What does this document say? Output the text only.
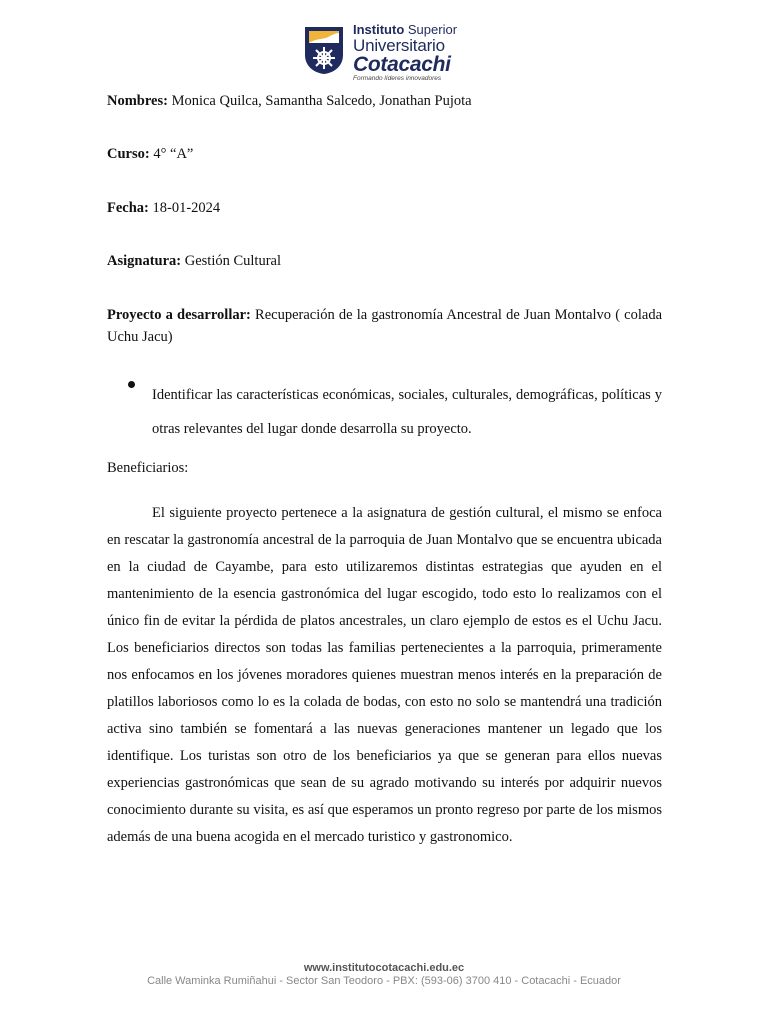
Instituto Superior
Universitario
Cotacachi
Formando líderes innovadores
Nombres: Monica Quilca, Samantha Salcedo, Jonathan Pujota
Curso: 4° “A”
Fecha: 18-01-2024
Asignatura: Gestión Cultural
Proyecto a desarrollar: Recuperación de la gastronomía Ancestral de Juan Montalvo ( colada Uchu Jacu)
Identificar las características económicas, sociales, culturales, demográficas, políticas y otras relevantes del lugar donde desarrolla su proyecto.
Beneficiarios:
El siguiente proyecto pertenece a la asignatura de gestión cultural, el mismo se enfoca en rescatar la gastronomía ancestral de la parroquia de Juan Montalvo que se encuentra ubicada en la ciudad de Cayambe, para esto utilizaremos distintas estrategias que ayuden en el mantenimiento de la esencia gastronómica del lugar escogido, todo esto lo realizamos con el único fin de evitar la pérdida de platos ancestrales, un claro ejemplo de estos es el Uchu Jacu. Los beneficiarios directos son todas las familias pertenecientes a la parroquia, primeramente nos enfocamos en los jóvenes moradores quienes muestran menos interés en la preparación de platillos laboriosos como lo es la colada de bodas, con esto no solo se mantendrá una tradición activa sino también se fomentará a las nuevas generaciones mantener un legado que los identifique. Los turistas son otro de los beneficiarios ya que se generan para ellos nuevas experiencias gastronómicas que sean de su agrado motivando su interés por adquirir nuevos conocimiento durante su visita, es así que esperamos un pronto regreso por parte de los mismos además de una buena acogida en el mercado turistico y gastronomico.
www.institutocotacachi.edu.ec
Calle Waminka Rumiñahui - Sector San Teodoro - PBX: (593-06) 3700 410 - Cotacachi - Ecuador
